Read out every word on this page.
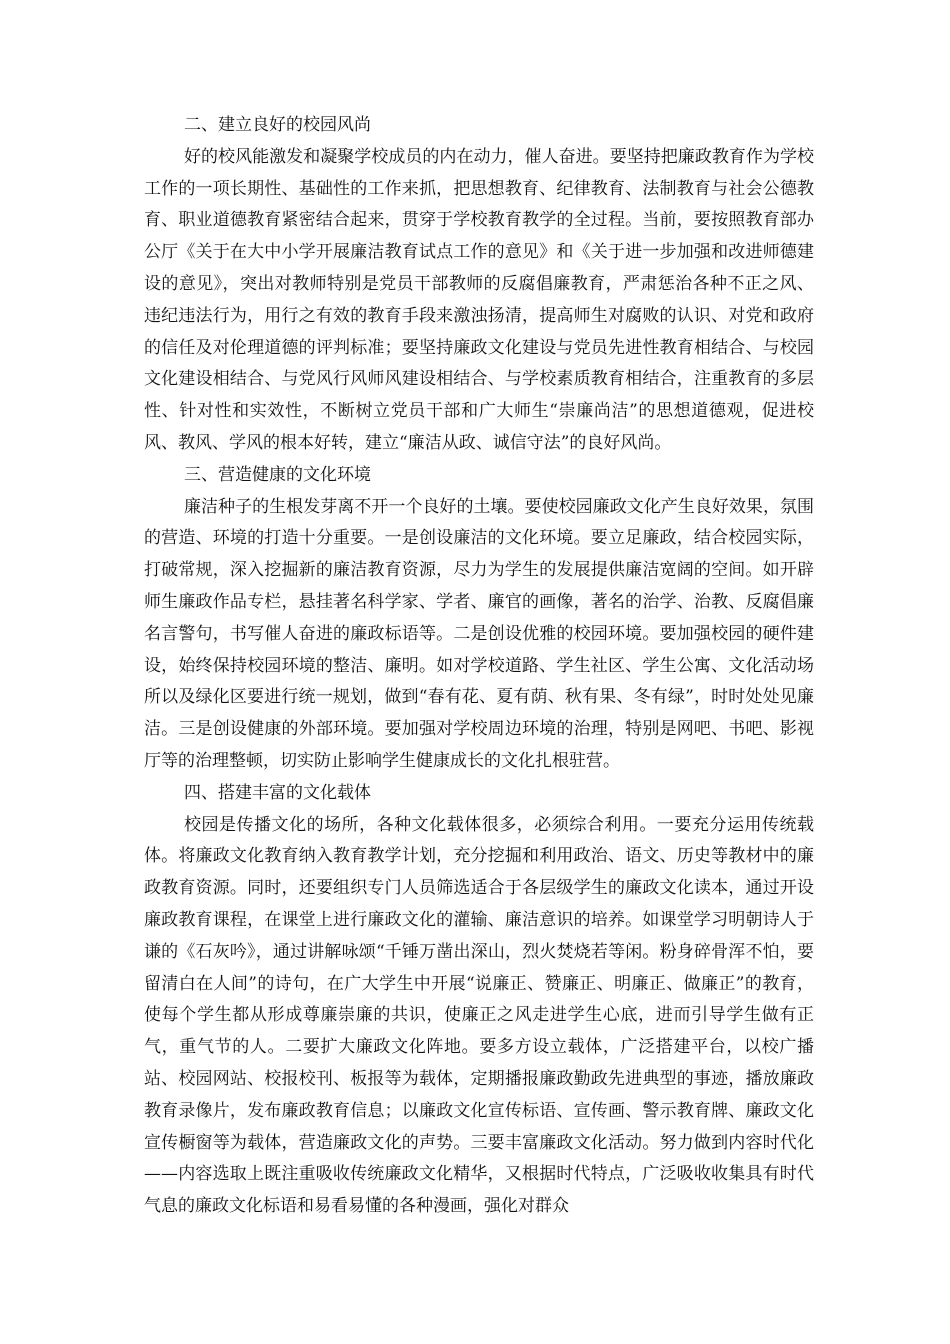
二、建立良好的校园风尚

好的校风能激发和凝聚学校成员的内在动力，催人奋进。要坚持把廉政教育作为学校工作的一项长期性、基础性的工作来抓，把思想教育、纪律教育、法制教育与社会公德教育、职业道德教育紧密结合起来，贯穿于学校教育教学的全过程。当前，要按照教育部办公厅《关于在大中小学开展廉洁教育试点工作的意见》和《关于进一步加强和改进师德建设的意见》，突出对教师特别是党员干部教师的反腐倡廉教育，严肃惩治各种不正之风、违纪违法行为，用行之有效的教育手段来激浊扬清，提高师生对腐败的认识、对党和政府的信任及对伦理道德的评判标准；要坚持廉政文化建设与党员先进性教育相结合、与校园文化建设相结合、与党风行风师风建设相结合、与学校素质教育相结合，注重教育的多层性、针对性和实效性，不断树立党员干部和广大师生“崇廉尚洁”的思想道德观，促进校风、教风、学风的根本好转，建立“廉洁从政、诚信守法”的良好风尚。

三、营造健康的文化环境

廉洁种子的生根发芽离不开一个良好的土壤。要使校园廉政文化产生良好效果，氛围的营造、环境的打造十分重要。一是创设廉洁的文化环境。要立足廉政，结合校园实际，打破常规，深入挖掘新的廉洁教育资源，尽力为学生的发展提供廉洁宽阔的空间。如开辟师生廉政作品专栏，悬挂著名科学家、学者、廉官的画像，著名的治学、治教、反腐倡廉名言警句，书写催人奋进的廉政标语等。二是创设优雅的校园环境。要加强校园的硬件建设，始终保持校园环境的整洁、廉明。如对学校道路、学生社区、学生公寓、文化活动场所以及绿化区要进行统一规划，做到“春有花、夏有荫、秋有果、冬有绿”，时时处处见廉洁。三是创设健康的外部环境。要加强对学校周边环境的治理，特别是网吧、书吧、影视厅等的治理整顿，切实防止影响学生健康成长的文化扎根驻营。

四、搭建丰富的文化载体

校园是传播文化的场所，各种文化载体很多，必须综合利用。一要充分运用传统载体。将廉政文化教育纳入教育教学计划，充分挖掘和利用政治、语文、历史等教材中的廉政教育资源。同时，还要组织专门人员筛选适合于各层级学生的廉政文化读本，通过开设廉政教育课程，在课堂上进行廉政文化的灌输、廉洁意识的培养。如课堂学习明朝诗人于谦的《石灰吟》，通过讲解咏颂“千锤万凿出深山，烈火焚烧若等闲。粉身碎骨浑不怕，要留清白在人间”的诗句，在广大学生中开展“说廉正、赞廉正、明廉正、做廉正”的教育，使每个学生都从形成尊廉崇廉的共识，使廉正之风走进学生心底，进而引导学生做有正气，重气节的人。二要扩大廉政文化阵地。要多方设立载体，广泛搭建平台，以校广播站、校园网站、校报校刊、板报等为载体，定期播报廉政勤政先进典型的事迹，播放廉政教育录像片，发布廉政教育信息；以廉政文化宣传标语、宣传画、警示教育牌、廉政文化宣传橱窗等为载体，营造廉政文化的声势。三要丰富廉政文化活动。努力做到内容时代化——内容选取上既注重吸收传统廉政文化精华，又根据时代特点，广泛吸收收集具有时代气息的廉政文化标语和易看易懂的各种漫画，强化对群众
